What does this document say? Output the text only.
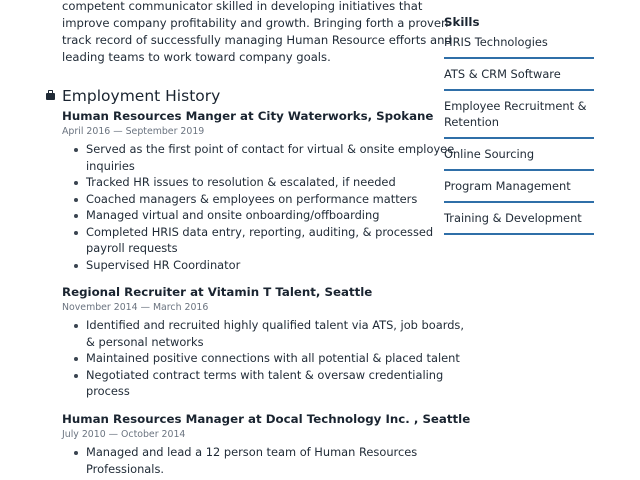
competent communicator skilled in developing initiatives that
improve company profitability and growth. Bringing forth a proven
track record of successfully managing Human Resource efforts and
leading teams to work toward company goals.

Employment History
Human Resources Manger at City Waterworks, Spokane
April 2016 — September 2019
Served as the first point of contact for virtual & onsite employee
inquiries
Tracked HR issues to resolution & escalated, if needed
Coached managers & employees on performance matters
Managed virtual and onsite onboarding/offboarding
Completed HRIS data entry, reporting, auditing, & processed
payroll requests
Supervised HR Coordinator
Regional Recruiter at Vitamin T Talent, Seattle
November 2014 — March 2016
Identified and recruited highly qualified talent via ATS, job boards,
& personal networks
Maintained positive connections with all potential & placed talent
Negotiated contract terms with talent & oversaw credentialing
process
Human Resources Manager at Docal Technology Inc. , Seattle
July 2010 — October 2014
Managed and lead a 12 person team of Human Resources
Professionals.
Skills
HRIS Technologies
ATS & CRM Software
Employee Recruitment &
Retention
Online Sourcing
Program Management
Training & Development
